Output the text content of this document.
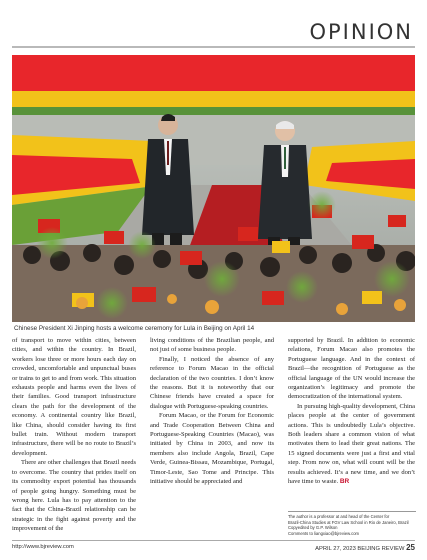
OPINION
Chinese President Xi Jinping hosts a welcome ceremony for Lula in Beijing on April 14

of transport to move within cities, between cities, and within the country. In Brazil, workers lose three or more hours each day on crowded, uncomfortable and unpunctual buses or trains to get to and from work. This situation exhausts people and harms even the lives of their families. Good transport infrastructure clears the path for the development of the economy. A continental country like Brazil, like China, should consider having its first bullet train. Without modern transport infrastructure, there will be no route to Brazil’s development.

There are other challenges that Brazil needs to overcome. The country that prides itself on its commodity export potential has thousands of people going hungry. Something must be wrong here. Lula has to pay attention to the fact that the China-Brazil relationship can be strategic in the fight against poverty and the improvement of the

living conditions of the Brazilian people, and not just of some business people.

Finally, I noticed the absence of any reference to Forum Macao in the official declaration of the two countries. I don’t know the reasons. But it is noteworthy that our Chinese friends have created a space for dialogue with Portuguese-speaking countries.

Forum Macao, or the Forum for Economic and Trade Cooperation Between China and Portuguese-Speaking Countries (Macao), was initiated by China in 2003, and now its members also include Angola, Brazil, Cape Verde, Guinea-Bissau, Mozambique, Portugal, Timor-Leste, Sao Tome and Principe. This initiative should be appreciated and

supported by Brazil. In addition to economic relations, Forum Macao also promotes the Portuguese language. And in the context of Brazil—the recognition of Portuguese as the official language of the UN would increase the organization’s legitimacy and promote the democratization of the international system.

In pursuing high-quality development, China places people at the center of government actions. This is undoubtedly Lula’s objective. Both leaders share a common vision of what motivates them to lead their great nations. The 15 signed documents were just a first and vital step. From now on, what will count will be the results achieved. It’s a new time, and we don’t have time to waste. BR

The author is a professor at and head of the Center for
Brazil-China Studies at FGV Law School in Rio de Janeiro, Brazil
Copyedited by G.P. Wilson
Comments to liangxiao@bjreview.com
http://www.bjreview.com	APRIL 27, 2023 BEIJING REVIEW 25
